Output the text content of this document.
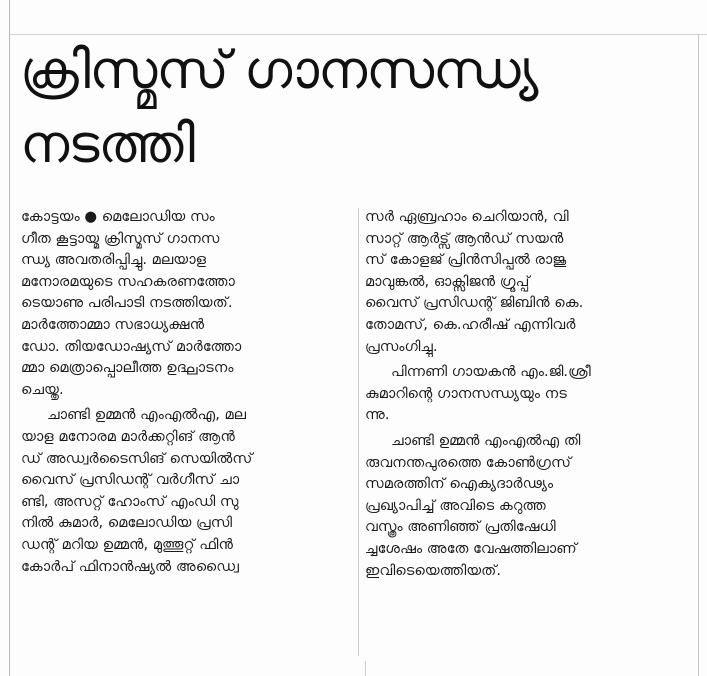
ക്രിസ്മസ് ഗാനസന്ധ്യ
നടത്തി

കോട്ടയം ● മെലോഡിയ സം
ഗീത കൂട്ടായ്മ ക്രിസ്മസ് ഗാനസ
ന്ധ്യ അവതരിപ്പിച്ചു. മലയാള
മനോരമയുടെ സഹകരണത്തോ
ടെയാണു പരിപാടി നടത്തിയത്.
മാർത്തോമ്മാ സഭാധ്യക്ഷൻ
ഡോ. തിയഡോഷ്യസ് മാർത്തോ
മ്മാ മെത്രാപ്പൊലീത്ത ഉദ്ഘാടനം
ചെയ്തു.

ചാണ്ടി ഉമ്മൻ എംഎൽഎ, മല
യാള മനോരമ മാർക്കറ്റിങ് ആൻ
ഡ് അഡ്വർടൈസിങ് സെയിൽസ്
വൈസ് പ്രസിഡന്റ് വർഗീസ് ചാ
ണ്ടി, അസറ്റ് ഹോംസ് എംഡി സു
നിൽ കുമാർ, മെലോഡിയ പ്രസി
ഡന്റ് മറിയ ഉമ്മൻ, മുത്തൂറ്റ് ഫിൻ
കോർപ് ഫിനാൻഷ്യൽ അഡ്വൈ

സർ ഏബ്രഹാം ചെറിയാൻ, വി
സാറ്റ് ആർട്സ് ആൻഡ് സയൻ
സ് കോളജ് പ്രിൻസിപ്പൽ രാജു
മാവുങ്കൽ, ഓക്സിജൻ ഗ്രൂപ്പ്
വൈസ് പ്രസിഡന്റ് ജിബിൻ കെ.
തോമസ്, കെ.ഹരീഷ് എന്നിവർ
പ്രസംഗിച്ചു.

പിന്നണി ഗായകൻ എം.ജി.ശ്രീ
കുമാറിന്റെ ഗാനസന്ധ്യയും നട
ന്നു.

ചാണ്ടി ഉമ്മൻ എംഎൽഎ തി
രുവനന്തപുരത്തെ കോൺഗ്രസ്
സമരത്തിന് ഐക്യദാർഢ്യം
പ്രഖ്യാപിച്ച് അവിടെ കറുത്ത
വസ്ത്രം അണിഞ്ഞ് പ്രതിഷേധി
ച്ചശേഷം അതേ വേഷത്തിലാണ്
ഇവിടെയെത്തിയത്.
